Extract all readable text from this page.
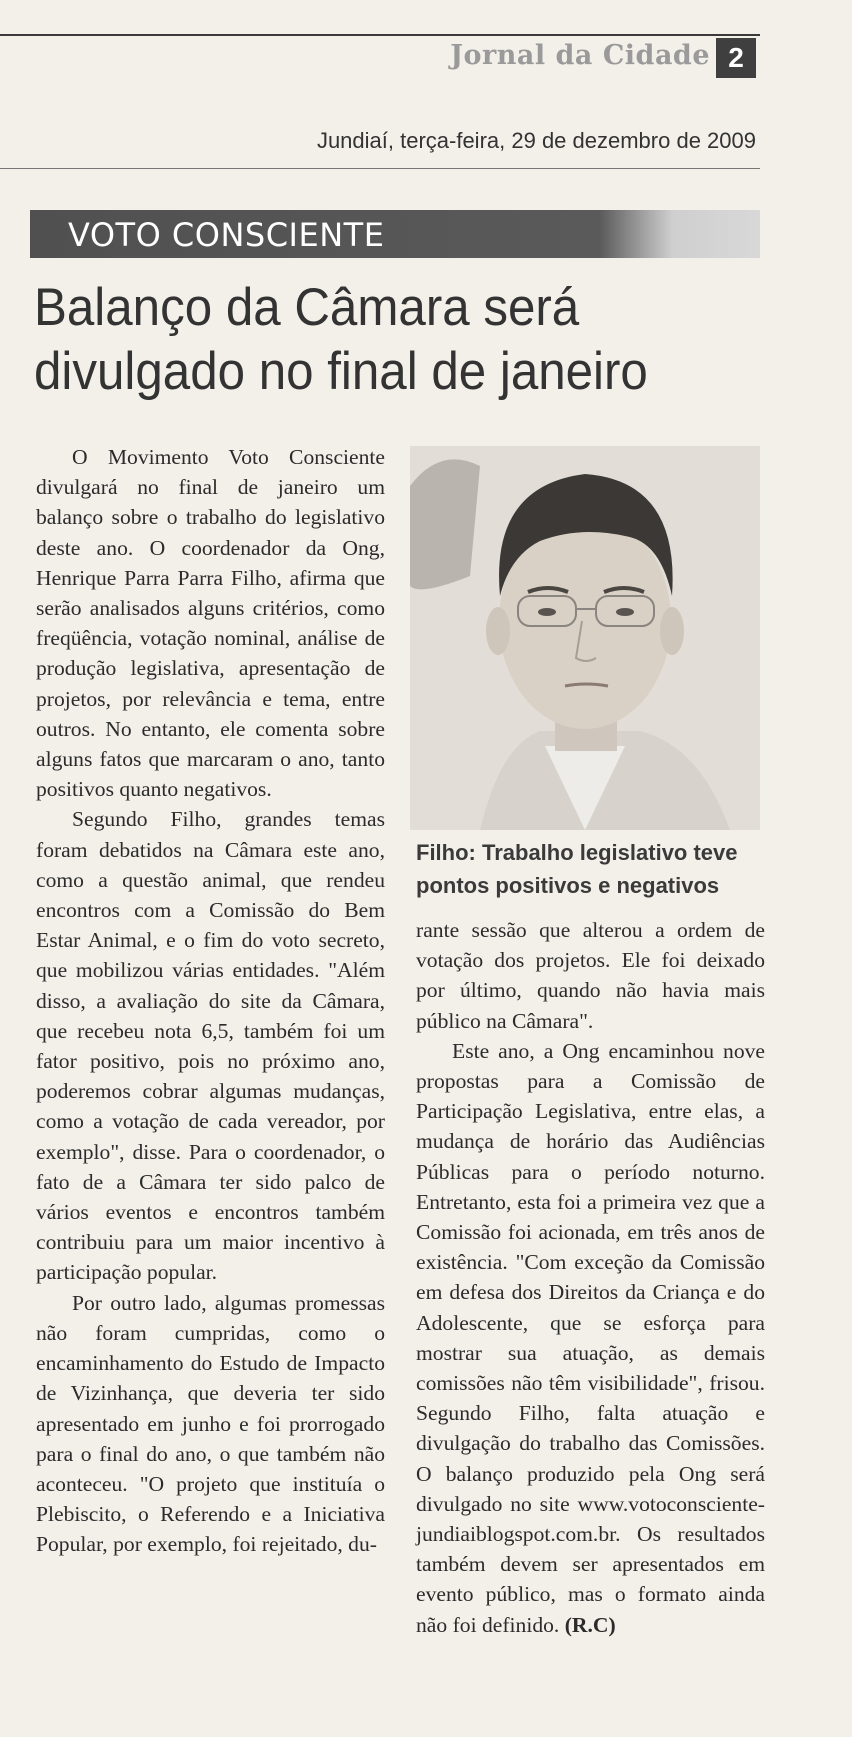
Jornal da Cidade 2
Jundiaí, terça-feira, 29 de dezembro de 2009
VOTO CONSCIENTE
Balanço da Câmara será divulgado no final de janeiro

O Movimento Voto Consciente divulgará no final de janeiro um balanço sobre o trabalho do legislativo deste ano. O coordenador da Ong, Henrique Parra Parra Filho, afirma que serão analisados alguns critérios, como freqüência, votação nominal, análise de produção legislativa, apresentação de projetos, por relevância e tema, entre outros. No entanto, ele comenta sobre alguns fatos que marcaram o ano, tanto positivos quanto negativos.

Segundo Filho, grandes temas foram debatidos na Câmara este ano, como a questão animal, que rendeu encontros com a Comissão do Bem Estar Animal, e o fim do voto secreto, que mobilizou várias entidades. "Além disso, a avaliação do site da Câmara, que recebeu nota 6,5, também foi um fator positivo, pois no próximo ano, poderemos cobrar algumas mudanças, como a votação de cada vereador, por exemplo", disse. Para o coordenador, o fato de a Câmara ter sido palco de vários eventos e encontros também contribuiu para um maior incentivo à participação popular.

Por outro lado, algumas promessas não foram cumpridas, como o encaminhamento do Estudo de Impacto de Vizinhança, que deveria ter sido apresentado em junho e foi prorrogado para o final do ano, o que também não aconteceu. "O projeto que instituía o Plebiscito, o Referendo e a Iniciativa Popular, por exemplo, foi rejeitado, du-

Filho: Trabalho legislativo teve pontos positivos e negativos

rante sessão que alterou a ordem de votação dos projetos. Ele foi deixado por último, quando não havia mais público na Câmara".

Este ano, a Ong encaminhou nove propostas para a Comissão de Participação Legislativa, entre elas, a mudança de horário das Audiências Públicas para o período noturno. Entretanto, esta foi a primeira vez que a Comissão foi acionada, em três anos de existência. "Com exceção da Comissão em defesa dos Direitos da Criança e do Adolescente, que se esforça para mostrar sua atuação, as demais comissões não têm visibilidade", frisou. Segundo Filho, falta atuação e divulgação do trabalho das Comissões. O balanço produzido pela Ong será divulgado no site www.votoconsciente-jundiaiblogspot.com.br. Os resultados também devem ser apresentados em evento público, mas o formato ainda não foi definido. (R.C)
